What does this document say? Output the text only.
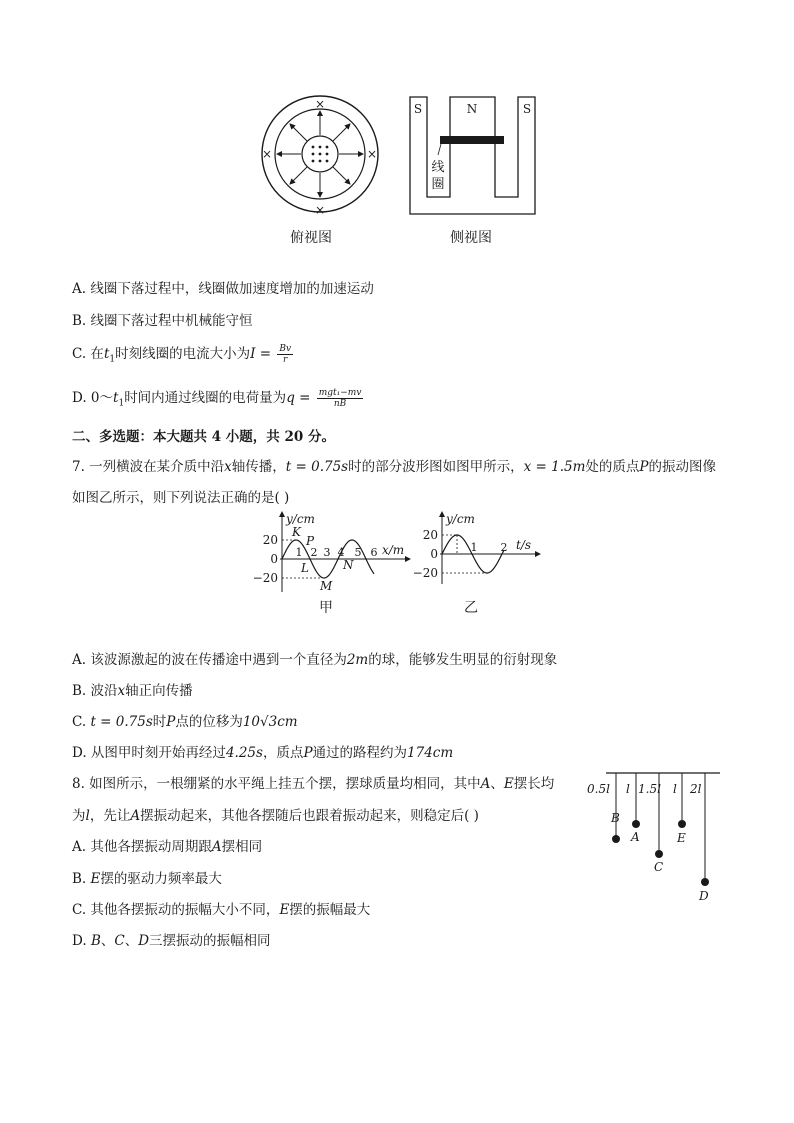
×
×
×	×
俯视图
S	N	S
线
圈
侧视图
A. 线圈下落过程中，线圈做加速度增加的加速运动
B. 线圈下落过程中机械能守恒
C. 在$t_1$时刻线圈的电流大小为$I = \frac{Bv}{r}$
D. $0\sim t_1$时间内通过线圈的电荷量为$q = \frac{\text{mgt₁−mv}}{nB}$
二、多选题：本大题共 4 小题，共 20 分。
7. 一列横波在某介质中沿x轴传播，t = 0.75s时的部分波形图如图甲所示，x = 1.5m处的质点P的振动图像
如图乙所示，则下列说法正确的是( )
y/cm
x/m
20
0
−20
1 2 3 4 5 6
K
P
L
M
N
甲
y/cm
t/s
20
0
−20
1 2
乙
A. 该波源激起的波在传播途中遇到一个直径为2m的球，能够发生明显的衍射现象
B. 波沿x轴正向传播
C. t = 0.75s时P点的位移为10√3cm
D. 从图甲时刻开始再经过4.25s，质点P通过的路程约为174cm
8. 如图所示，一根绷紧的水平绳上挂五个摆，摆球质量均相同，其中A、E摆长均
为l，先让A摆振动起来，其他各摆随后也跟着振动起来，则稳定后( )
A. 其他各摆振动周期跟A摆相同
B. E摆的驱动力频率最大
C. 其他各摆振动的振幅大小不同，E摆的振幅最大
D. B、C、D三摆振动的振幅相同
0.5l l 1.5l l 2l
B
A
C
E
D
